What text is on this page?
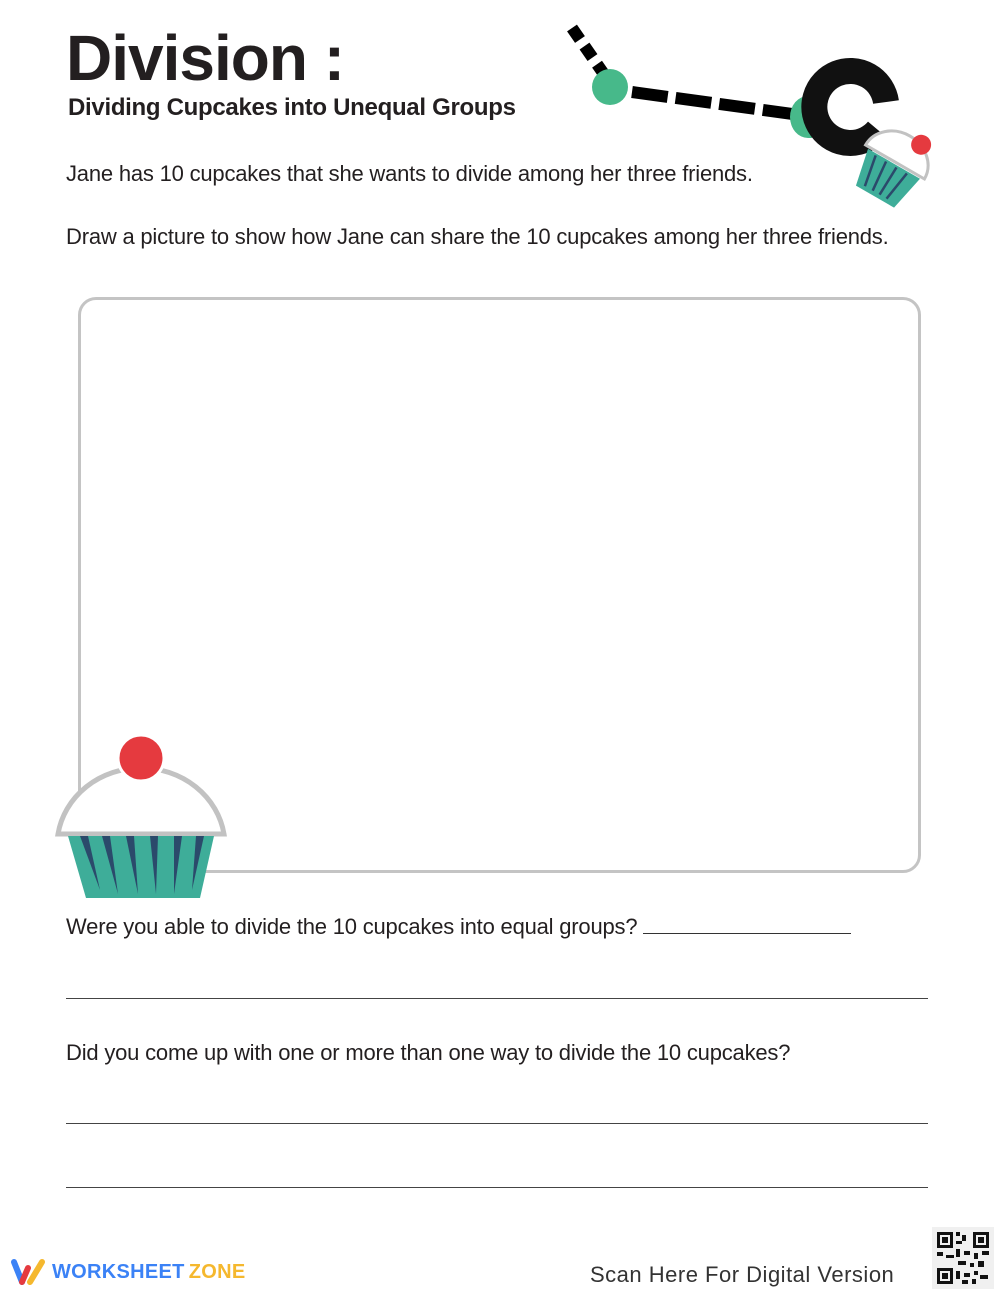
Division :
Dividing Cupcakes into Unequal Groups
Jane has 10 cupcakes that she wants to divide among her three friends.
Draw a picture to show how Jane can share the 10 cupcakes among her three friends.
Were you able to divide the 10 cupcakes into equal groups?
Did you come up with one or more than one way to divide the 10 cupcakes?
WORKSHEET ZONE	Scan Here For Digital Version
